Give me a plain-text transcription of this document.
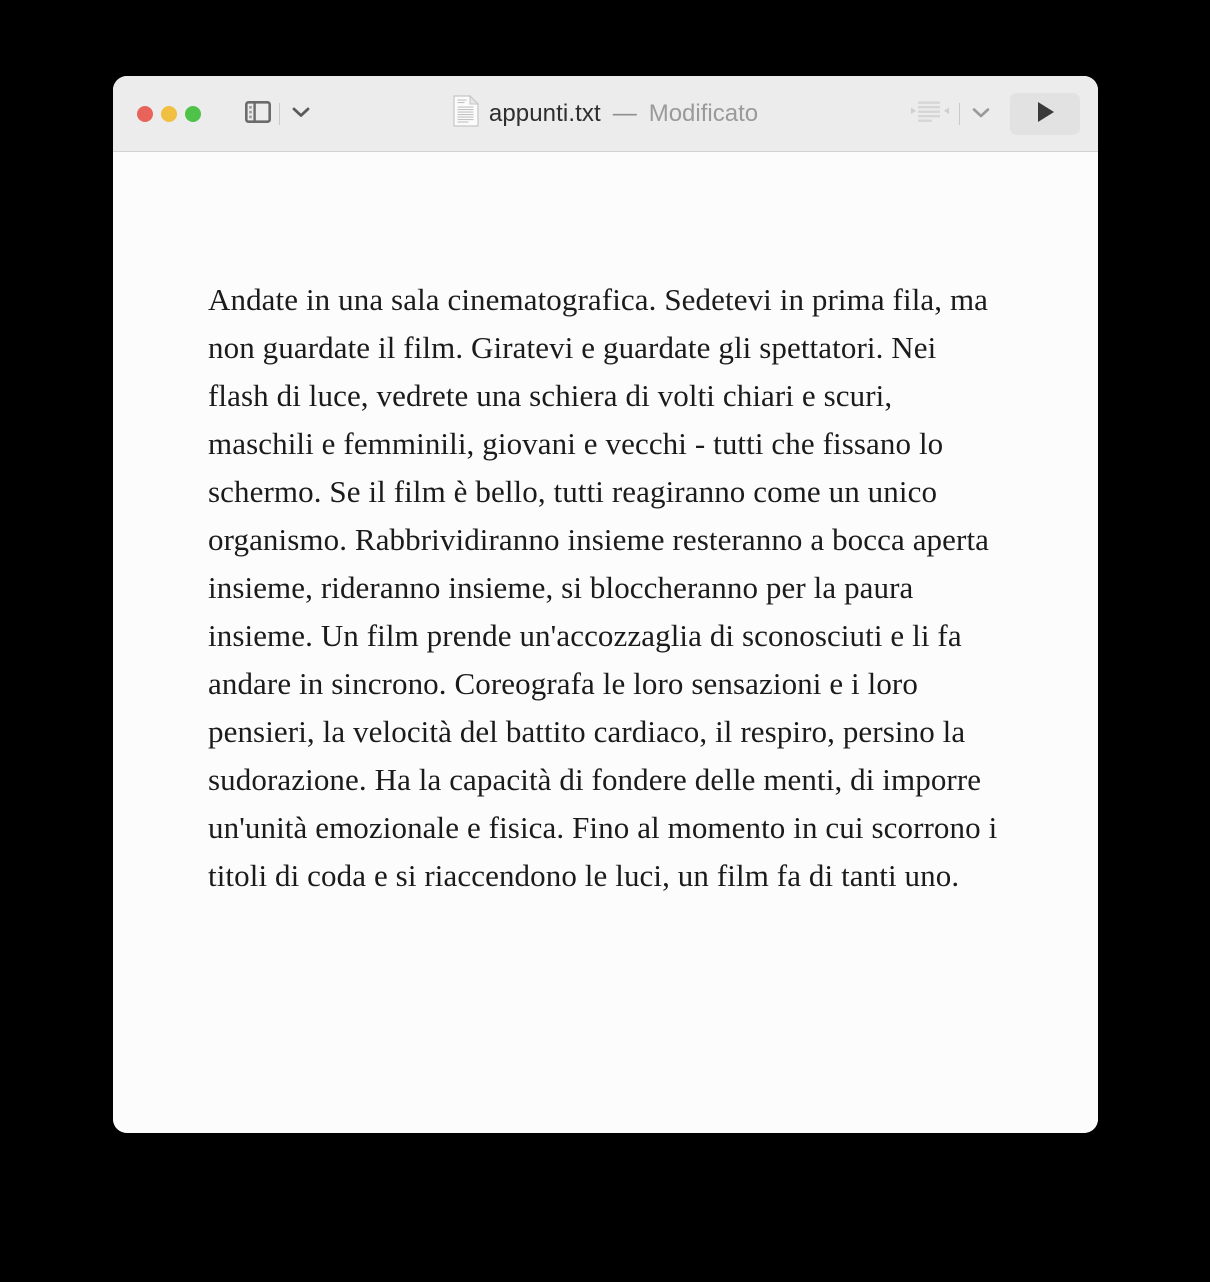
appunti.txt — Modificato
Andate in una sala cinematografica. Sedetevi in prima fila, ma non guardate il film. Giratevi e guardate gli spettatori. Nei flash di luce, vedrete una schiera di volti chiari e scuri, maschili e femminili, giovani e vecchi - tutti che fissano lo schermo. Se il film è bello, tutti reagiranno come un unico organismo. Rabbrividiranno insieme resteranno a bocca aperta insieme, rideranno insieme, si bloccheranno per la paura insieme. Un film prende un'accozzaglia di sconosciuti e li fa andare in sincrono. Coreografa le loro sensazioni e i loro pensieri, la velocità del battito cardiaco, il respiro, persino la sudorazione. Ha la capacità di fondere delle menti, di imporre un'unità emozionale e fisica. Fino al momento in cui scorrono i titoli di coda e si riaccendono le luci, un film fa di tanti uno.
